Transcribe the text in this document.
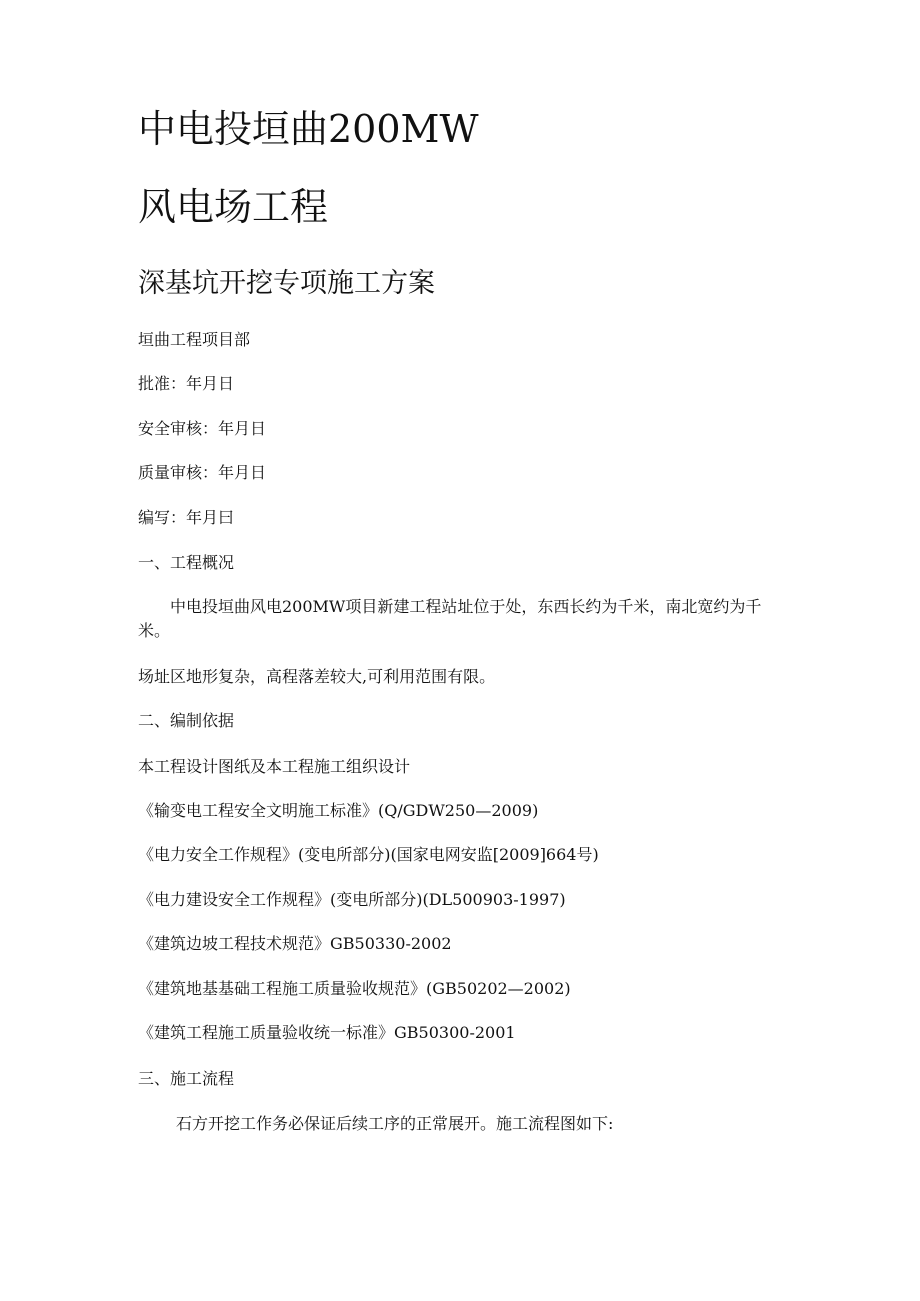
中电投垣曲200MW
风电场工程
深基坑开挖专项施工方案
垣曲工程项目部
批准：年月日
安全审核：年月日
质量审核：年月日
编写：年月曰
一、工程概况
中电投垣曲风电200MW项目新建工程站址位于处，东西长约为千米，南北宽约为千米。
场址区地形复杂，高程落差较大,可利用范围有限。
二、编制依据
本工程设计图纸及本工程施工组织设计
《输变电工程安全文明施工标准》(Q/GDW250—2009)
《电力安全工作规程》(变电所部分)(国家电网安监[2009]664号)
《电力建设安全工作规程》(变电所部分)(DL500903-1997)
《建筑边坡工程技术规范》GB50330-2002
《建筑地基基础工程施工质量验收规范》(GB50202—2002)
《建筑工程施工质量验收统一标准》GB50300-2001
三、施工流程
石方开挖工作务必保证后续工序的正常展开。施工流程图如下:
